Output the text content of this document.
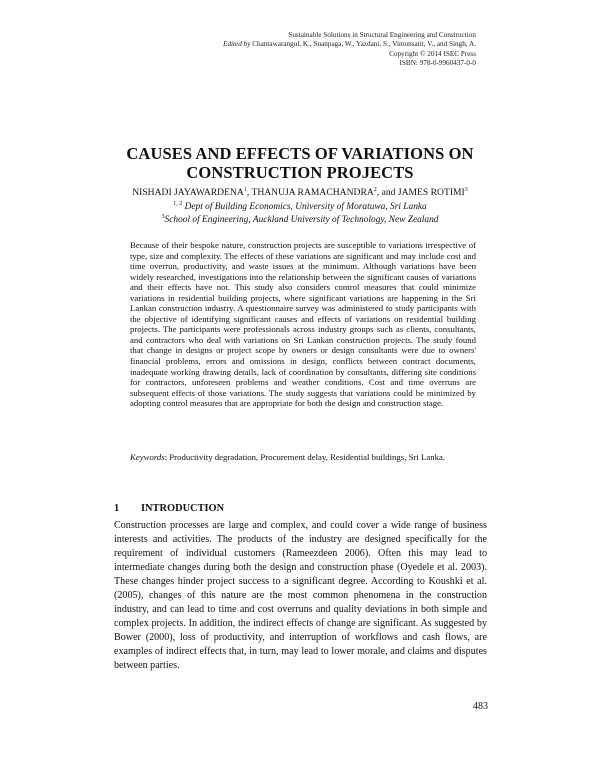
Sustainable Solutions in Structural Engineering and Construction
Edited by Chantawarangul, K., Suanpaga, W., Yazdani, S., Vimonsatit, V., and Singh, A.
Copyright © 2014 ISEC Press
ISBN: 978-0-9960437-0-0
CAUSES AND EFFECTS OF VARIATIONS ON
CONSTRUCTION PROJECTS
NISHADI JAYAWARDENA$^1$, THANUJA RAMACHANDRA$^2$, and JAMES ROTIMI$^3$
$^{1, 2}$ Dept of Building Economics, University of Moratuwa, Sri Lanka
$^3$School of Engineering, Auckland University of Technology, New Zealand
Because of their bespoke nature, construction projects are susceptible to variations irrespective of type, size and complexity. The effects of these variations are significant and may include cost and time overrun, productivity, and waste issues at the minimum. Although variations have been widely researched, investigations into the relationship between the significant causes of variations and their effects have not. This study also considers control measures that could minimize variations in residential building projects, where significant variations are happening in the Sri Lankan construction industry. A questionnaire survey was administered to study participants with the objective of identifying significant causes and effects of variations on residential building projects. The participants were professionals across industry groups such as clients, consultants, and contractors who deal with variations on Sri Lankan construction projects. The study found that change in designs or project scope by owners or design consultants were due to owners' financial problems, errors and omissions in design, conflicts between contract documents, inadequate working drawing details, lack of coordination by consultants, differing site conditions for contractors, unforeseen problems and weather conditions. Cost and time overruns are subsequent effects of those variations. The study suggests that variations could be minimized by adopting control measures that are appropriate for both the design and construction stage.
Keywords: Productivity degradation, Procurement delay, Residential buildings, Sri Lanka.
1 INTRODUCTION
Construction processes are large and complex, and could cover a wide range of business interests and activities. The products of the industry are designed specifically for the requirement of individual customers (Rameezdeen 2006). Often this may lead to intermediate changes during both the design and construction phase (Oyedele et al. 2003). These changes hinder project success to a significant degree. According to Koushki et al. (2005), changes of this nature are the most common phenomena in the construction industry, and can lead to time and cost overruns and quality deviations in both simple and complex projects. In addition, the indirect effects of change are significant. As suggested by Bower (2000), loss of productivity, and interruption of workflows and cash flows, are examples of indirect effects that, in turn, may lead to lower morale, and claims and disputes between parties.
483
